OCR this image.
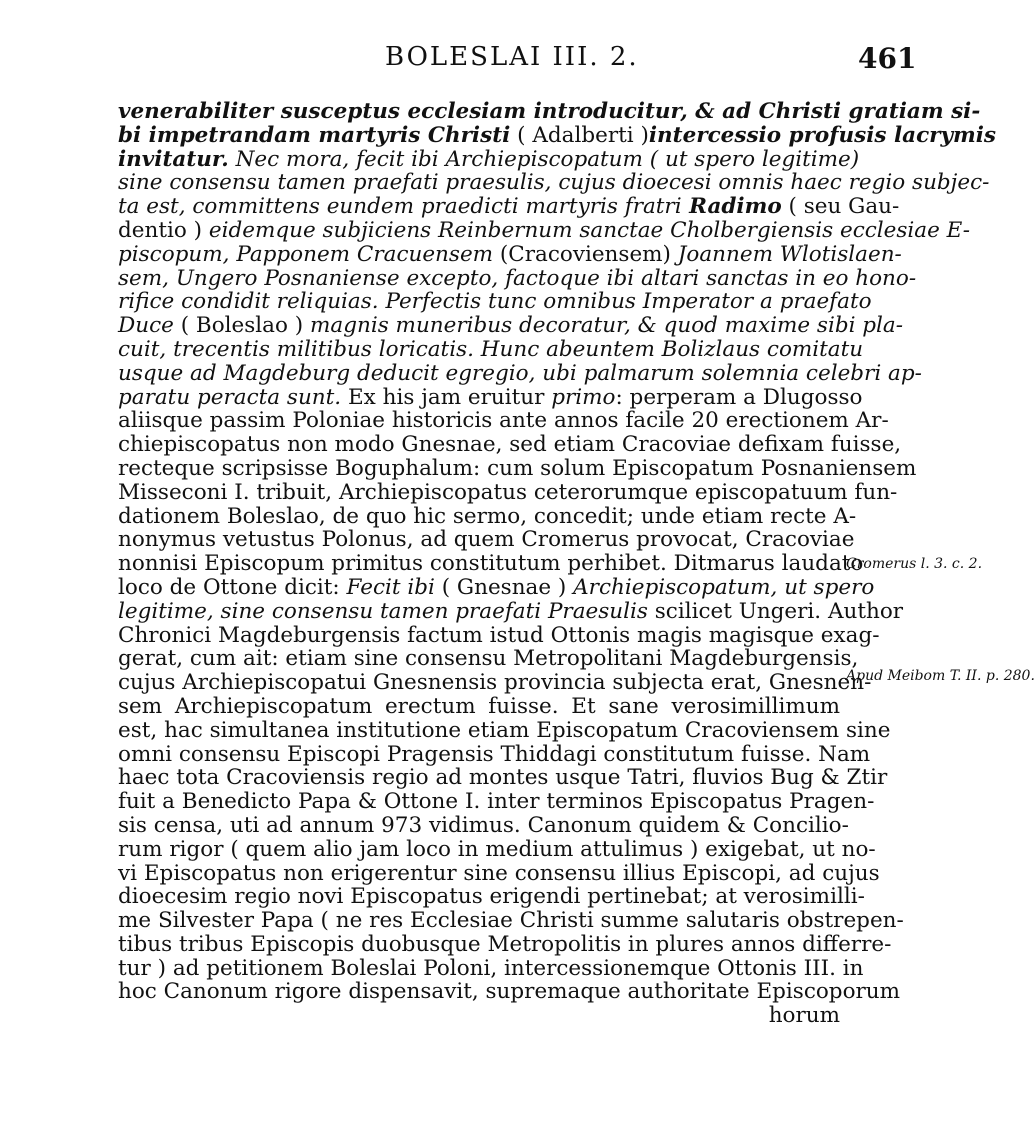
BOLESLAI III. 2.	461
venerabiliter susceptus ecclesiam introducitur, & ad Christi gratiam si-
bi impetrandam martyris Christi ( Adalberti )intercessio profusis lacrymis
invitatur. Nec mora, fecit ibi Archiepiscopatum ( ut spero legitime)
sine consensu tamen praefati praesulis, cujus dioecesi omnis haec regio subjec-
ta est, committens eundem praedicti martyris fratri Radimo ( seu Gau-
dentio ) eidemque subjiciens Reinbernum sanctae Cholbergiensis ecclesiae E-
piscopum, Papponem Cracuensem (Cracoviensem) Joannem Wlotislaen-
sem, Ungero Posnaniense excepto, factoque ibi altari sanctas in eo hono-
rifice condidit reliquias. Perfectis tunc omnibus Imperator a praefato
Duce ( Boleslao ) magnis muneribus decoratur, & quod maxime sibi pla-
cuit, trecentis militibus loricatis. Hunc abeuntem Bolizlaus comitatu
usque ad Magdeburg deducit egregio, ubi palmarum solemnia celebri ap-
paratu peracta sunt. Ex his jam eruitur primo: perperam a Dlugosso
aliisque passim Poloniae historicis ante annos facile 20 erectionem Ar-
chiepiscopatus non modo Gnesnae, sed etiam Cracoviae defixam fuisse,
recteque scripsisse Boguphalum: cum solum Episcopatum Posnaniensem
Misseconi I. tribuit, Archiepiscopatus ceterorumque episcopatuum fun-
dationem Boleslao, de quo hic sermo, concedit; unde etiam recte A-
nonymus vetustus Polonus, ad quem Cromerus provocat, Cracoviae
nonnisi Episcopum primitus constitutum perhibet. Ditmarus laudato
loco de Ottone dicit: Fecit ibi ( Gnesnae ) Archiepiscopatum, ut spero
legitime, sine consensu tamen praefati Praesulis scilicet Ungeri. Author
Chronici Magdeburgensis factum istud Ottonis magis magisque exag-
gerat, cum ait: etiam sine consensu Metropolitani Magdeburgensis,
cujus Archiepiscopatui Gnesnensis provincia subjecta erat, Gnesnen-
sem Archiepiscopatum erectum fuisse. Et sane verosimillimum
est, hac simultanea institutione etiam Episcopatum Cracoviensem sine
omni consensu Episcopi Pragensis Thiddagi constitutum fuisse. Nam
haec tota Cracoviensis regio ad montes usque Tatri, fluvios Bug & Ztir
fuit a Benedicto Papa & Ottone I. inter terminos Episcopatus Pragen-
sis censa, uti ad annum 973 vidimus. Canonum quidem & Concilio-
rum rigor ( quem alio jam loco in medium attulimus ) exigebat, ut no-
vi Episcopatus non erigerentur sine consensu illius Episcopi, ad cujus
dioecesim regio novi Episcopatus erigendi pertinebat; at verosimilli-
me Silvester Papa ( ne res Ecclesiae Christi summe salutaris obstrepen-
tibus tribus Episcopis duobusque Metropolitis in plures annos differre-
tur ) ad petitionem Boleslai Poloni, intercessionemque Ottonis III. in
hoc Canonum rigore dispensavit, supremaque authoritate Episcoporum
horum
Cromerus l. 3. c. 2.
Apud Meibom T. II. p. 280.
